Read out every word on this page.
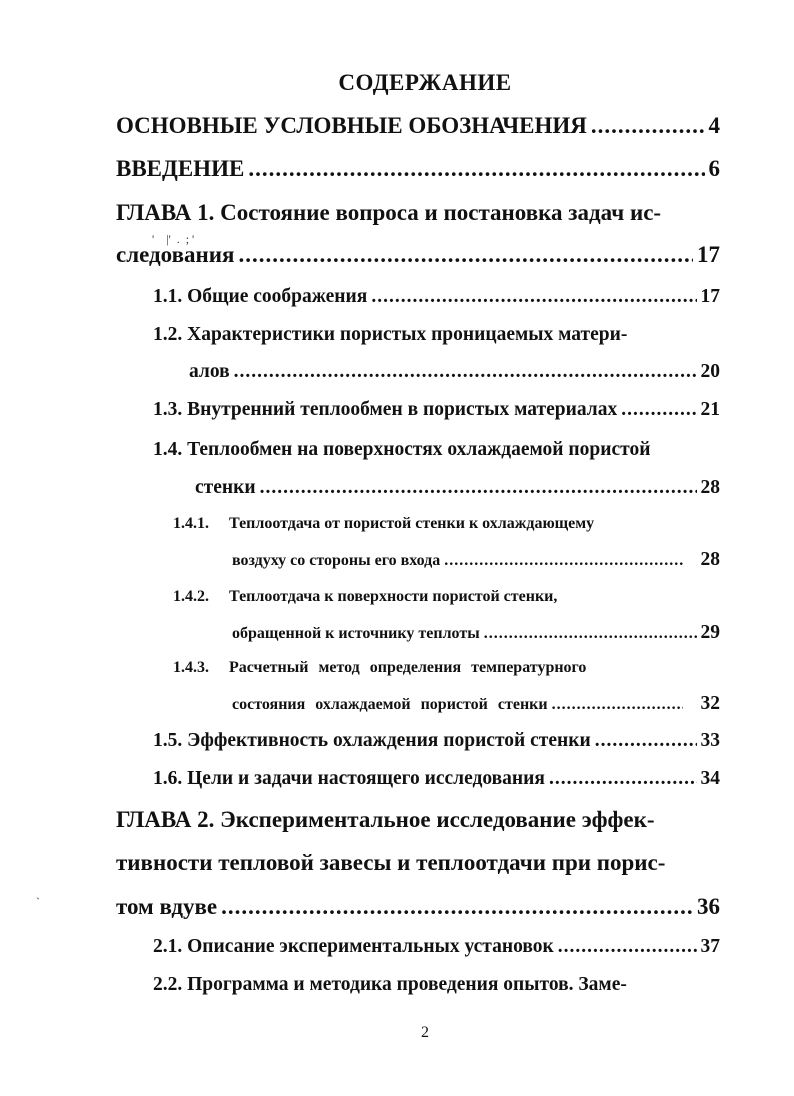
СОДЕРЖАНИЕ
ОСНОВНЫЕ УСЛОВНЫЕ ОБОЗНАЧЕНИЯ .....	4
ВВЕДЕНИЕ .....	6
ГЛАВА 1. Состояние вопроса и постановка задач ис-
'    |'  .  ; '
следования .....	17
1.1. Общие соображения .....	17
1.2. Характеристики пористых проницаемых матери-
алов .....	20
1.3. Внутренний теплообмен в пористых материалах .....	21
1.4. Теплообмен на поверхностях охлаждаемой пористой
стенки .....	28
1.4.1. Теплоотдача от пористой стенки к охлаждающему
воздуху со стороны его входа .....	28
1.4.2. Теплоотдача к поверхности пористой стенки,
обращенной к источнику теплоты .....	29
1.4.3. Расчетный метод определения температурного
состояния охлаждаемой пористой стенки .....	32
1.5. Эффективность охлаждения пористой стенки .....	33
1.6. Цели и задачи настоящего исследования .....	34
ГЛАВА 2. Экспериментальное исследование эффек-
тивности тепловой завесы и теплоотдачи при порис-
`	том вдуве .....	36
2.1. Описание экспериментальных установок .....	37
2.2. Программа и методика проведения опытов. Заме-
2
